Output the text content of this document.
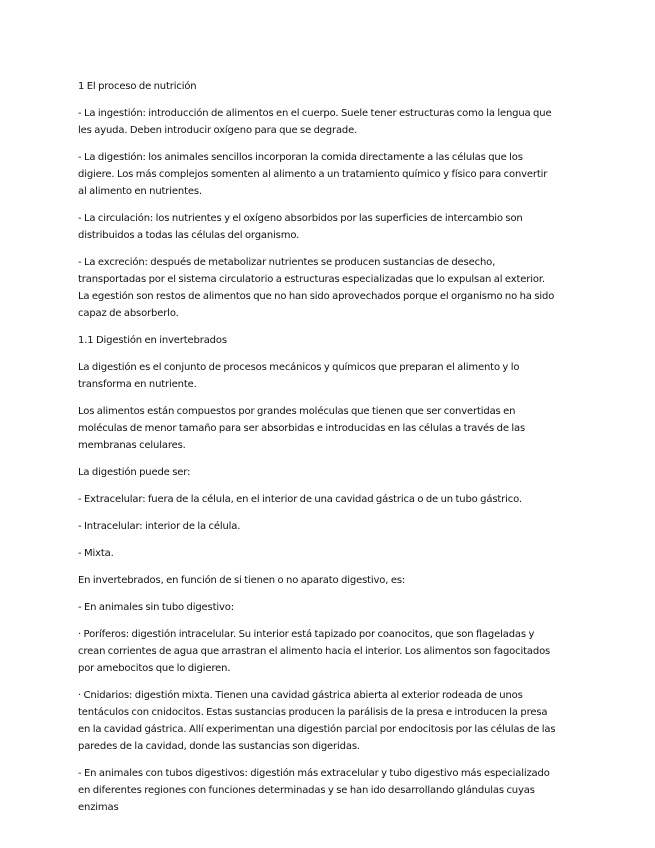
1 El proceso de nutrición

- La ingestión: introducción de alimentos en el cuerpo. Suele tener estructuras como la lengua que les ayuda. Deben introducir oxígeno para que se degrade.

- La digestión: los animales sencillos incorporan la comida directamente a las células que los digiere. Los más complejos somenten al alimento a un tratamiento químico y físico para convertir al alimento en nutrientes.

- La circulación: los nutrientes y el oxígeno absorbidos por las superficies de intercambio son distribuidos a todas las células del organismo.

- La excreción: después de metabolizar nutrientes se producen sustancias de desecho, transportadas por el sistema circulatorio a estructuras especializadas que lo expulsan al exterior. La egestión son restos de alimentos que no han sido aprovechados porque el organismo no ha sido capaz de absorberlo.

1.1 Digestión en invertebrados

La digestión es el conjunto de procesos mecánicos y químicos que preparan el alimento y lo transforma en nutriente.

Los alimentos están compuestos por grandes moléculas que tienen que ser convertidas en moléculas de menor tamaño para ser absorbidas e introducidas en las células a través de las membranas celulares.

La digestión puede ser:

- Extracelular: fuera de la célula, en el interior de una cavidad gástrica o de un tubo gástrico.

- Intracelular: interior de la célula.

- Mixta.

En invertebrados, en función de si tienen o no aparato digestivo, es:

- En animales sin tubo digestivo:

· Poríferos: digestión intracelular. Su interior está tapizado por coanocitos, que son flageladas y crean corrientes de agua que arrastran el alimento hacia el interior. Los alimentos son fagocitados por amebocitos que lo digieren.

· Cnidarios: digestión mixta. Tienen una cavidad gástrica abierta al exterior rodeada de unos tentáculos con cnidocitos. Estas sustancias producen la parálisis de la presa e introducen la presa en la cavidad gástrica. Allí experimentan una digestión parcial por endocitosis por las células de las paredes de la cavidad, donde las sustancias son digeridas.

- En animales con tubos digestivos: digestión más extracelular y tubo digestivo más especializado en diferentes regiones con funciones determinadas y se han ido desarrollando glándulas cuyas enzimas
